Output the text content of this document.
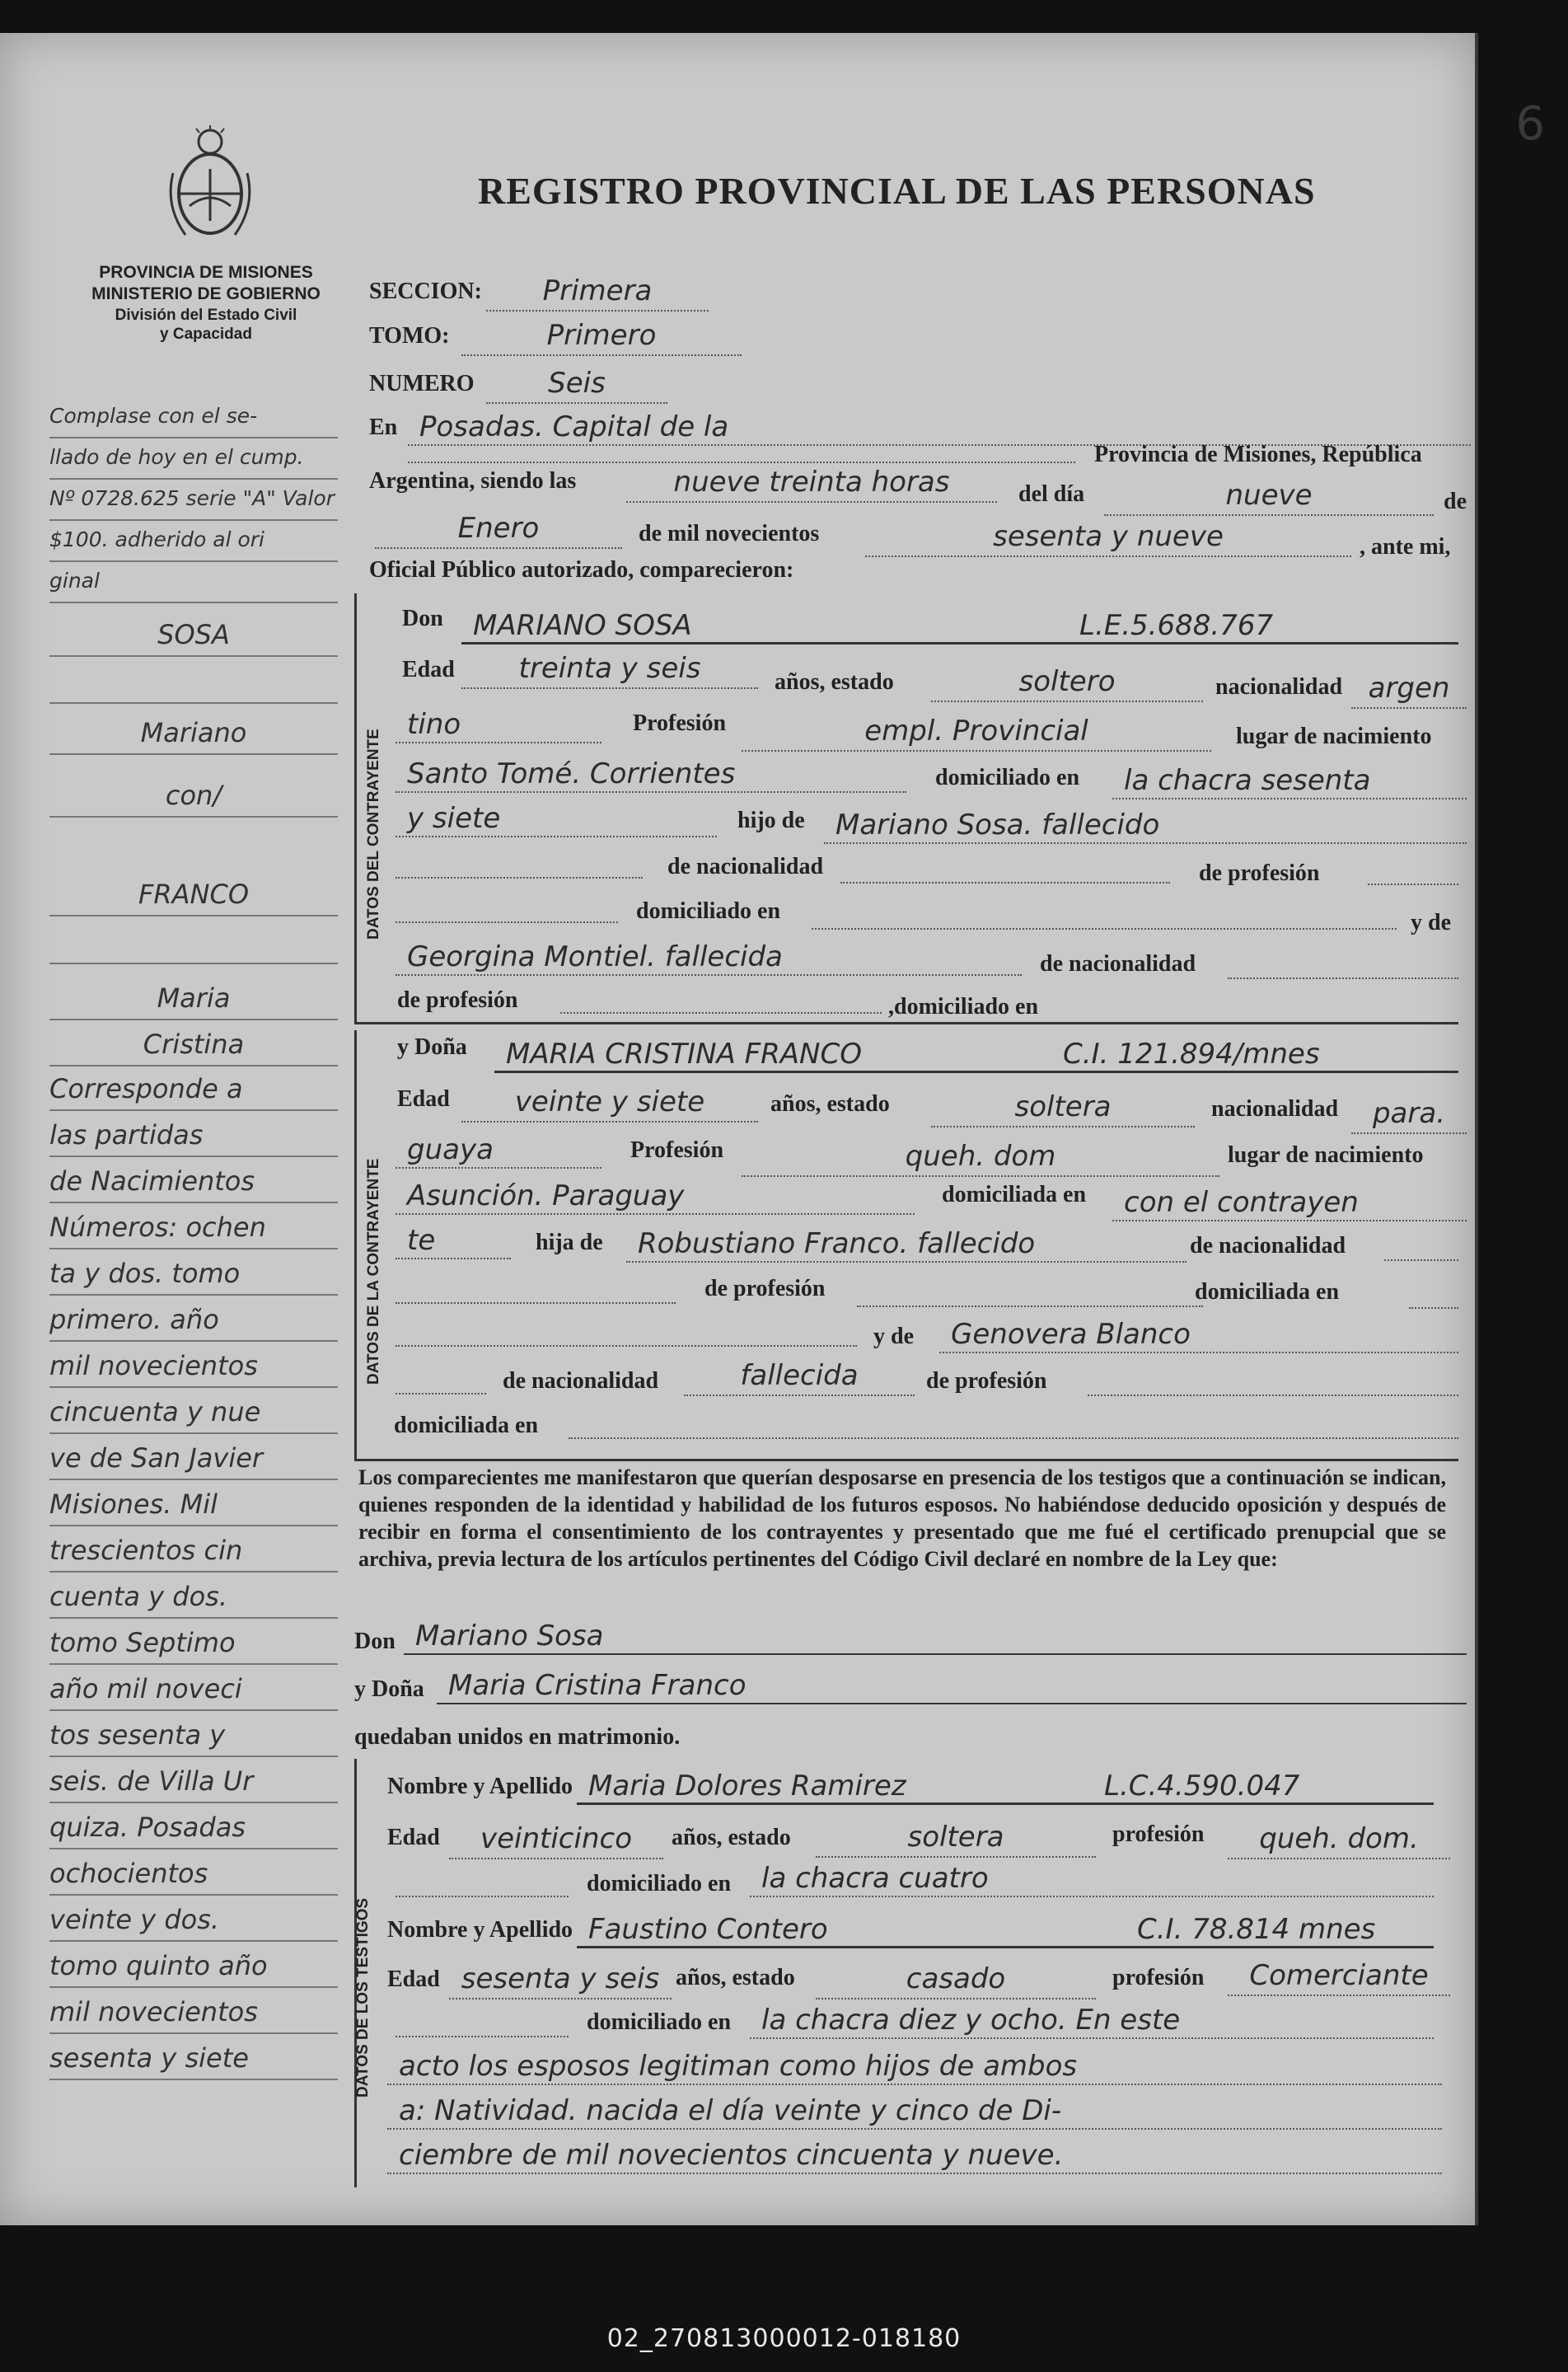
6
PROVINCIA DE MISIONES
MINISTERIO DE GOBIERNO
División del Estado Civil
y Capacidad
REGISTRO PROVINCIAL DE LAS PERSONAS
SECCION:	Primera
TOMO:	Primero
NUMERO	Seis
En Posadas. Capital de la
Provincia de Misiones, República
Argentina, siendo las	nueve treinta horas	del día	nueve	de
Enero	de mil novecientos	sesenta y nueve	, ante mi,
Oficial Público autorizado, comparecieron:
DATOS DEL CONTRAYENTE
Don	MARIANO SOSA	L.E.5.688.767
Edad	treinta y seis	años, estado	soltero	nacionalidad argen
tino	Profesión	empl. Provincial	lugar de nacimiento
Santo Tomé. Corrientes	domiciliado en	la chacra sesenta
y siete	hijo de	Mariano Sosa. fallecido
de nacionalidad	de profesión
domiciliado en	y de
Georgina Montiel. fallecida	de nacionalidad
de profesión	,domiciliado en
DATOS DE LA CONTRAYENTE
y Doña	MARIA CRISTINA FRANCO	C.I. 121.894/mnes
Edad	veinte y siete	años, estado	soltera	nacionalidad	para.
guaya	Profesión	queh. dom	lugar de nacimiento
Asunción. Paraguay	domiciliada en	con el contrayen
te	hija de	Robustiano Franco. fallecido	de nacionalidad
de profesión	domiciliada en
y de	Genovera Blanco
de nacionalidad	fallecida	de profesión
domiciliada en
Los comparecientes me manifestaron que querían desposarse en presencia de los testigos que a continuación se indican, quienes responden de la identidad y habilidad de los futuros esposos. No habiéndose deducido oposición y después de recibir en forma el consentimiento de los contrayentes y presentado que me fué el certificado prenupcial que se archiva, previa lectura de los artículos pertinentes del Código Civil declaré en nombre de la Ley que:
Don Mariano Sosa
y Doña Maria Cristina Franco
quedaban unidos en matrimonio.
DATOS DE LOS TESTIGOS
Nombre y Apellido Maria Dolores Ramirez	L.C.4.590.047
Edad	veinticinco	años, estado	soltera	profesión	queh. dom.
domiciliado en	la chacra cuatro
Nombre y Apellido Faustino Contero	C.I. 78.814 mnes
Edad sesenta y seis años, estado	casado	profesión	Comerciante
domiciliado en	la chacra diez y ocho. En este
acto los esposos legitiman como hijos de ambos
a: Natividad. nacida el día veinte y cinco de Di-
ciembre de mil novecientos cincuenta y nueve.
Complase con el se-
llado de hoy en el cump.
Nº 0728.625 serie "A" Valor
$100. adherido al ori
ginal
SOSA
Mariano
con/
FRANCO
Maria
Cristina
Corresponde a
las partidas
de Nacimientos
Números: ochen
ta y dos. tomo
primero. año
mil novecientos
cincuenta y nue
ve de San Javier
Misiones. Mil
trescientos cin
cuenta y dos.
tomo Septimo
año mil noveci
tos sesenta y
seis. de Villa Ur
quiza. Posadas
ochocientos
veinte y dos.
tomo quinto año
mil novecientos
sesenta y siete
02_270813000012-018180
